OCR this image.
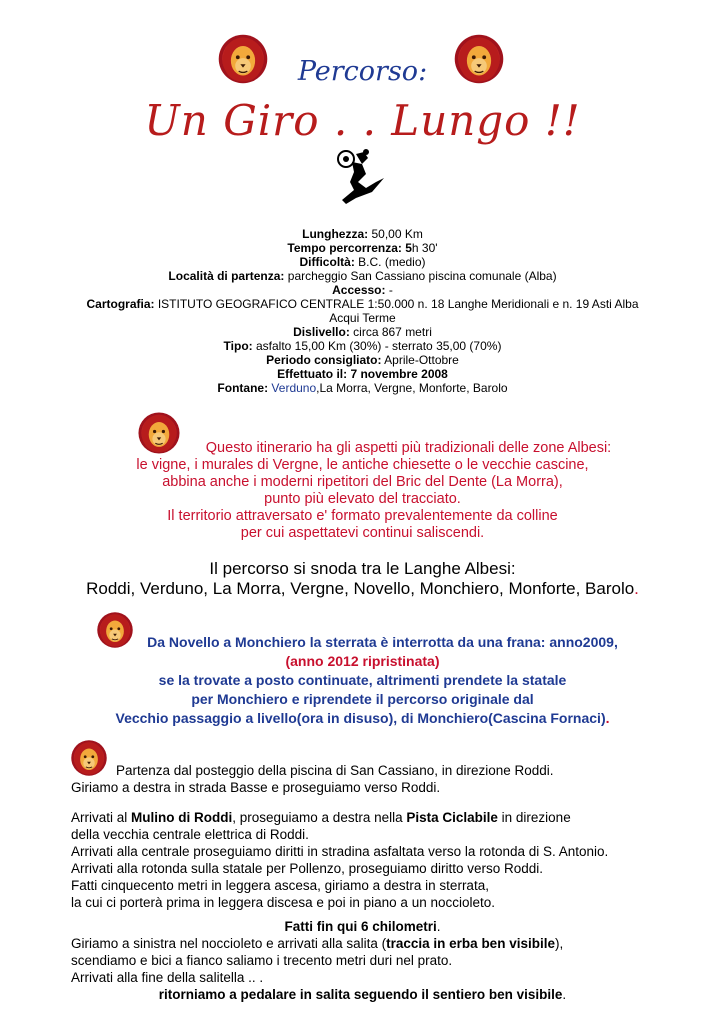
Percorso:
Un Giro . . Lungo !!
Lunghezza: 50,00 Km
Tempo percorrenza: 5h 30'
Difficoltà: B.C. (medio)
Località di partenza: parcheggio San Cassiano piscina comunale (Alba)
Accesso: -
Cartografia: ISTITUTO GEOGRAFICO CENTRALE 1:50.000 n. 18 Langhe Meridionali e n. 19 Asti Alba
Acqui Terme
Dislivello: circa 867 metri
Tipo: asfalto 15,00 Km (30%) - sterrato 35,00 (70%)
Periodo consigliato: Aprile-Ottobre
Effettuato il: 7 novembre 2008
Fontane: Verduno,La Morra, Vergne, Monforte, Barolo
Questo itinerario ha gli aspetti più tradizionali delle zone Albesi:
le vigne, i murales di Vergne, le antiche chiesette o le vecchie cascine,
abbina anche i moderni ripetitori del Bric del Dente (La Morra),
punto più elevato del tracciato.
Il territorio attraversato e' formato prevalentemente da colline
per cui aspettatevi continui saliscendi.
Il percorso si snoda tra le Langhe Albesi:
Roddi, Verduno, La Morra, Vergne, Novello, Monchiero, Monforte, Barolo.
Da Novello a Monchiero la sterrata è interrotta da una frana: anno2009,
(anno 2012 ripristinata)
se la trovate a posto continuate, altrimenti prendete la statale
per Monchiero e riprendete il percorso originale dal
Vecchio passaggio a livello(ora in disuso), di Monchiero(Cascina Fornaci).
Partenza dal posteggio della piscina di San Cassiano, in direzione Roddi.
Giriamo a destra in strada Basse e proseguiamo verso Roddi.
Arrivati al Mulino di Roddi, proseguiamo a destra nella Pista Ciclabile in direzione
della vecchia centrale elettrica di Roddi.
Arrivati alla centrale proseguiamo diritti in stradina asfaltata verso la rotonda di S. Antonio.
Arrivati alla rotonda sulla statale per Pollenzo, proseguiamo diritto verso Roddi.
Fatti cinquecento metri in leggera ascesa, giriamo a destra in sterrata,
la cui ci porterà prima in leggera discesa e poi in piano a un noccioleto.
Fatti fin qui 6 chilometri.
Giriamo a sinistra nel noccioleto e arrivati alla salita (traccia in erba ben visibile),
scendiamo e bici a fianco saliamo i trecento metri duri nel prato.
Arrivati alla fine della salitella .. .
ritorniamo a pedalare in salita seguendo il sentiero ben visibile.
